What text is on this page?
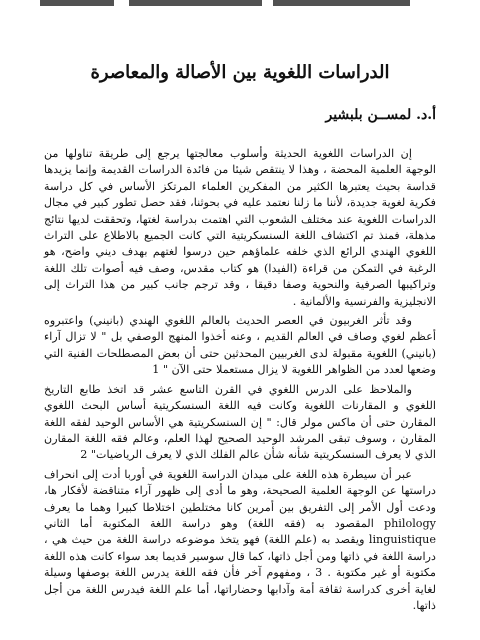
الدراسات اللغوية بين الأصالة والمعاصرة
أ.د. لمســن بلبشير

إن الدراسات اللغوية الحديثة وأسلوب معالجتها يرجع إلى طريقة تناولها من الوجهة العلمية المحضة ، وهذا لا ينتقص شيئا من فائدة الدراسات القديمة وإنما يزيدها قداسة بحيث يعتبرها الكثير من المفكرين العلماء المرتكز الأساس في كل دراسة فكرية لغوية جديدة، لأننا ما زلنا نعتمد عليه في بحوثنا، فقد حصل تطور كبير في مجال الدراسات اللغوية عند مختلف الشعوب التي اهتمت بدراسة لغتها، وتحققت لديها نتائج مذهلة، فمنذ تم اكتشاف اللغة السنسكريتية التي كانت الجميع بالاطلاع على التراث اللغوي الهندي الرائع الذي خلفه علماؤهم حين درسوا لغتهم بهدف ديني واضح، هو الرغبة في التمكن من قراءة (الفيدا) هو كتاب مقدس، وصف فيه أصوات تلك اللغة وتراكيبها الصرفية والنحوية وصفا دقيقا ، وقد ترجم جانب كبير من هذا التراث إلى الانجليزية والفرنسية والألمانية .

وقد تأثر الغربيون في العصر الحديث بالعالم اللغوي الهندي (بانيني) واعتبروه أعظم لغوي وصاف في العالم القديم ، وعنه أخذوا المنهج الوصفي بل " لا تزال آراء (بانيني) اللغوية مقبولة لدى الغربيين المحدثين حتى أن بعض المصطلحات الفنية التي وضعها لعدد من الظواهر اللغوية لا يزال مستعملا حتى الآن " 1

والملاحظ على الدرس اللغوي في القرن التاسع عشر قد اتخذ طابع التاريخ اللغوي و المقارنات اللغوية وكانت فيه اللغة السنسكريتية أساس البحث اللغوي المقارن حتى أن ماكس مولر قال: " إن السنسكريتية هي الأساس الوحيد لفقه اللغة المقارن ، وسوف تبقى المرشد الوحيد الصحيح لهذا العلم، وعالم فقه اللغة المقارن الذي لا يعرف السنسكريتية شأنه شأن عالم الفلك الذي لا يعرف الرياضيات" 2

عبر أن سيطرة هذه اللغة على ميدان الدراسة اللغوية في أوربا أدت إلى انحراف دراستها عن الوجهة العلمية الصحيحة، وهو ما أدى إلى ظهور آراء متناقضة لأفكار ها، ودعت أول الأمر إلى التفريق بين أمرين كانا مختلطين اختلاطا كبيرا وهما ما يعرف philology المقصود به (فقه اللغة) وهو دراسة اللغة المكتوبة أما الثاني linguistique ويقصد به (علم اللغة) فهو يتخذ موضوعه دراسة اللغة من حيث هي ، دراسة اللغة في ذاتها ومن أجل ذاتها، كما قال سوسير قديما بعد سواء كانت هذه اللغة مكتوبة أو غير مكتوبة . 3 ، ومفهوم آخر فأن فقه اللغة يدرس اللغة بوصفها وسيلة لغاية أخرى كدراسة ثقافة أمة وآدابها وحضاراتها، أما علم اللغة فيدرس اللغة من أجل ذاتها.
